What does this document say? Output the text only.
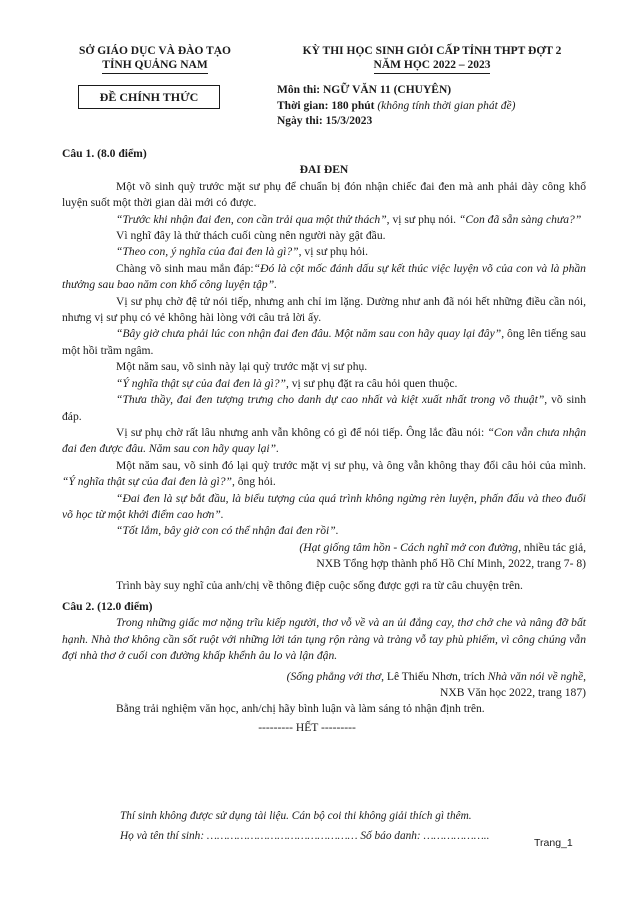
SỞ GIÁO DỤC VÀ ĐÀO TẠO
TỈNH QUẢNG NAM
KỲ THI HỌC SINH GIỎI CẤP TỈNH THPT ĐỢT 2
NĂM HỌC 2022 – 2023
ĐỀ CHÍNH THỨC	Môn thi: NGỮ VĂN 11 (CHUYÊN)
Thời gian: 180 phút (không tính thời gian phát đề)
Ngày thi: 15/3/2023

Câu 1. (8.0 điểm)

ĐAI ĐEN

Một võ sinh quỳ trước mặt sư phụ để chuẩn bị đón nhận chiếc đai đen mà anh phải dày công khổ luyện suốt một thời gian dài mới có được.

“Trước khi nhận đai đen, con cần trải qua một thử thách”, vị sư phụ nói. “Con đã sẵn sàng chưa?”

Vì nghĩ đây là thử thách cuối cùng nên người này gật đầu.

“Theo con, ý nghĩa của đai đen là gì?”, vị sư phụ hỏi.

Chàng võ sinh mau mắn đáp:“Đó là cột mốc đánh dấu sự kết thúc việc luyện võ của con và là phần thưởng sau bao năm con khổ công luyện tập”.

Vị sư phụ chờ đệ tử nói tiếp, nhưng anh chỉ im lặng. Dường như anh đã nói hết những điều cần nói, nhưng vị sư phụ có vẻ không hài lòng với câu trả lời ấy.

“Bây giờ chưa phải lúc con nhận đai đen đâu. Một năm sau con hãy quay lại đây”, ông lên tiếng sau một hồi trầm ngâm.

Một năm sau, võ sinh này lại quỳ trước mặt vị sư phụ.

“Ý nghĩa thật sự của đai đen là gì?”, vị sư phụ đặt ra câu hỏi quen thuộc.

“Thưa thầy, đai đen tượng trưng cho danh dự cao nhất và kiệt xuất nhất trong võ thuật”, võ sinh đáp.

Vị sư phụ chờ rất lâu nhưng anh vẫn không có gì để nói tiếp. Ông lắc đầu nói: “Con vẫn chưa nhận đai đen được đâu. Năm sau con hãy quay lại”.

Một năm sau, võ sinh đó lại quỳ trước mặt vị sư phụ, và ông vẫn không thay đổi câu hỏi của mình. “Ý nghĩa thật sự của đai đen là gì?”, ông hỏi.

“Đai đen là sự bắt đầu, là biểu tượng của quá trình không ngừng rèn luyện, phấn đấu và theo đuổi võ học từ một khởi điểm cao hơn”.

“Tốt lắm, bây giờ con có thể nhận đai đen rồi”.

(Hạt giống tâm hồn - Cách nghĩ mở con đường, nhiều tác giả,

NXB Tổng hợp thành phố Hồ Chí Minh, 2022, trang 7- 8)

Trình bày suy nghĩ của anh/chị về thông điệp cuộc sống được gợi ra từ câu chuyện trên.

Câu 2. (12.0 điểm)

Trong những giấc mơ nặng trĩu kiếp người, thơ vỗ về và an ủi đắng cay, thơ chở che và nâng đỡ bất hạnh. Nhà thơ không cần sốt ruột với những lời tán tụng rộn ràng và tràng vỗ tay phù phiếm, vì công chúng vẫn đợi nhà thơ ở cuối con đường khấp khểnh âu lo và lận đận.

(Sống phẳng với thơ, Lê Thiếu Nhơn, trích Nhà văn nói về nghề,

NXB Văn học 2022, trang 187)

Bằng trải nghiệm văn học, anh/chị hãy bình luận và làm sáng tỏ nhận định trên.

--------- HẾT ---------

Thí sinh không được sử dụng tài liệu. Cán bộ coi thi không giải thích gì thêm.
Họ và tên thí sinh: ……………………………………… Số báo danh: ………………..
Trang_1
